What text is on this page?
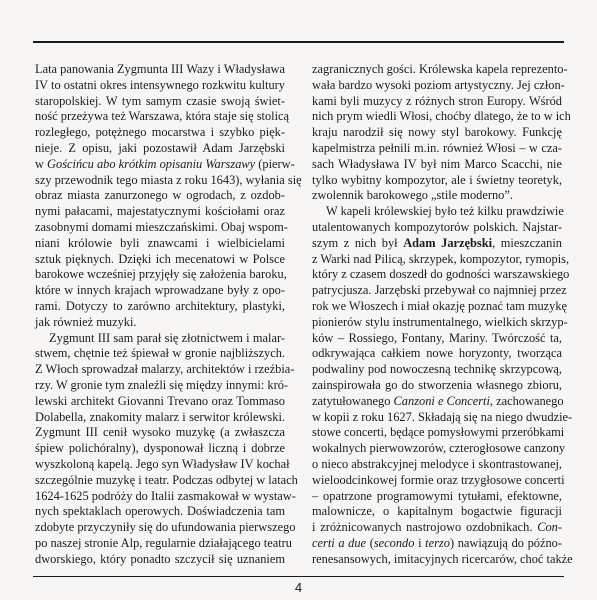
Lata panowania Zygmunta III Wazy i Władysława
IV to ostatni okres intensywnego rozkwitu kultury
staropolskiej. W tym samym czasie swoją świet-
ność przeżywa też Warszawa, która staje się stolicą
rozległego, potężnego mocarstwa i szybko pięk-
nieje. Z opisu, jaki pozostawił Adam Jarzębski
w Gościńcu abo krótkim opisaniu Warszawy (pierw-
szy przewodnik tego miasta z roku 1643), wyłania się
obraz miasta zanurzonego w ogrodach, z ozdob-
nymi pałacami, majestatycznymi kościołami oraz
zasobnymi domami mieszczańskimi. Obaj wspom-
niani królowie byli znawcami i wielbicielami
sztuk pięknych. Dzięki ich mecenatowi w Polsce
barokowe wcześniej przyjęły się założenia baroku,
które w innych krajach wprowadzane były z opo-
rami. Dotyczy to zarówno architektury, plastyki,
jak również muzyki.
Zygmunt III sam parał się złotnictwem i malar-
stwem, chętnie też śpiewał w gronie najbliższych.
Z Włoch sprowadzał malarzy, architektów i rzeźbia-
rzy. W gronie tym znaleźli się między innymi: kró-
lewski architekt Giovanni Trevano oraz Tommaso
Dolabella, znakomity malarz i serwitor królewski.
Zygmunt III cenił wysoko muzykę (a zwłaszcza
śpiew polichóralny), dysponował liczną i dobrze
wyszkoloną kapelą. Jego syn Władysław IV kochał
szczególnie muzykę i teatr. Podczas odbytej w latach
1624-1625 podróży do Italii zasmakował w wystaw-
nych spektaklach operowych. Doświadczenia tam
zdobyte przyczyniły się do ufundowania pierwszego
po naszej stronie Alp, regularnie działającego teatru
dworskiego, który ponadto szczycił się uznaniem
zagranicznych gości. Królewska kapela reprezento-
wała bardzo wysoki poziom artystyczny. Jej człon-
kami byli muzycy z różnych stron Europy. Wśród
nich prym wiedli Włosi, choćby dlatego, że to w ich
kraju narodził się nowy styl barokowy. Funkcję
kapelmistrza pełnili m.in. również Włosi – w cza-
sach Władysława IV był nim Marco Scacchi, nie
tylko wybitny kompozytor, ale i świetny teoretyk,
zwolennik barokowego „stile moderno”.
W kapeli królewskiej było też kilku prawdziwie
utalentowanych kompozytorów polskich. Najstar-
szym z nich był Adam Jarzębski, mieszczanin
z Warki nad Pilicą, skrzypek, kompozytor, rymopis,
który z czasem doszedł do godności warszawskiego
patrycjusza. Jarzębski przebywał co najmniej przez
rok we Włoszech i miał okazję poznać tam muzykę
pionierów stylu instrumentalnego, wielkich skrzyp-
ków – Rossiego, Fontany, Mariny. Twórczość ta,
odkrywająca całkiem nowe horyzonty, tworząca
podwaliny pod nowoczesną technikę skrzypcową,
zainspirowała go do stworzenia własnego zbioru,
zatytułowanego Canzoni e Concerti, zachowanego
w kopii z roku 1627. Składają się na niego dwudzie-
stowe concerti, będące pomysłowymi przeróbkami
wokalnych pierwowzorów, czterogłosowe canzony
o nieco abstrakcyjnej melodyce i skontrastowanej,
wieloodcinkowej formie oraz trzygłosowe concerti
– opatrzone programowymi tytułami, efektowne,
malownicze, o kapitalnym bogactwie figuracji
i zróżnicowanych nastrojowo ozdobnikach. Con-
certi a due (secondo i terzo) nawiązują do późno-
renesansowych, imitacyjnych ricercarów, choć także
4
